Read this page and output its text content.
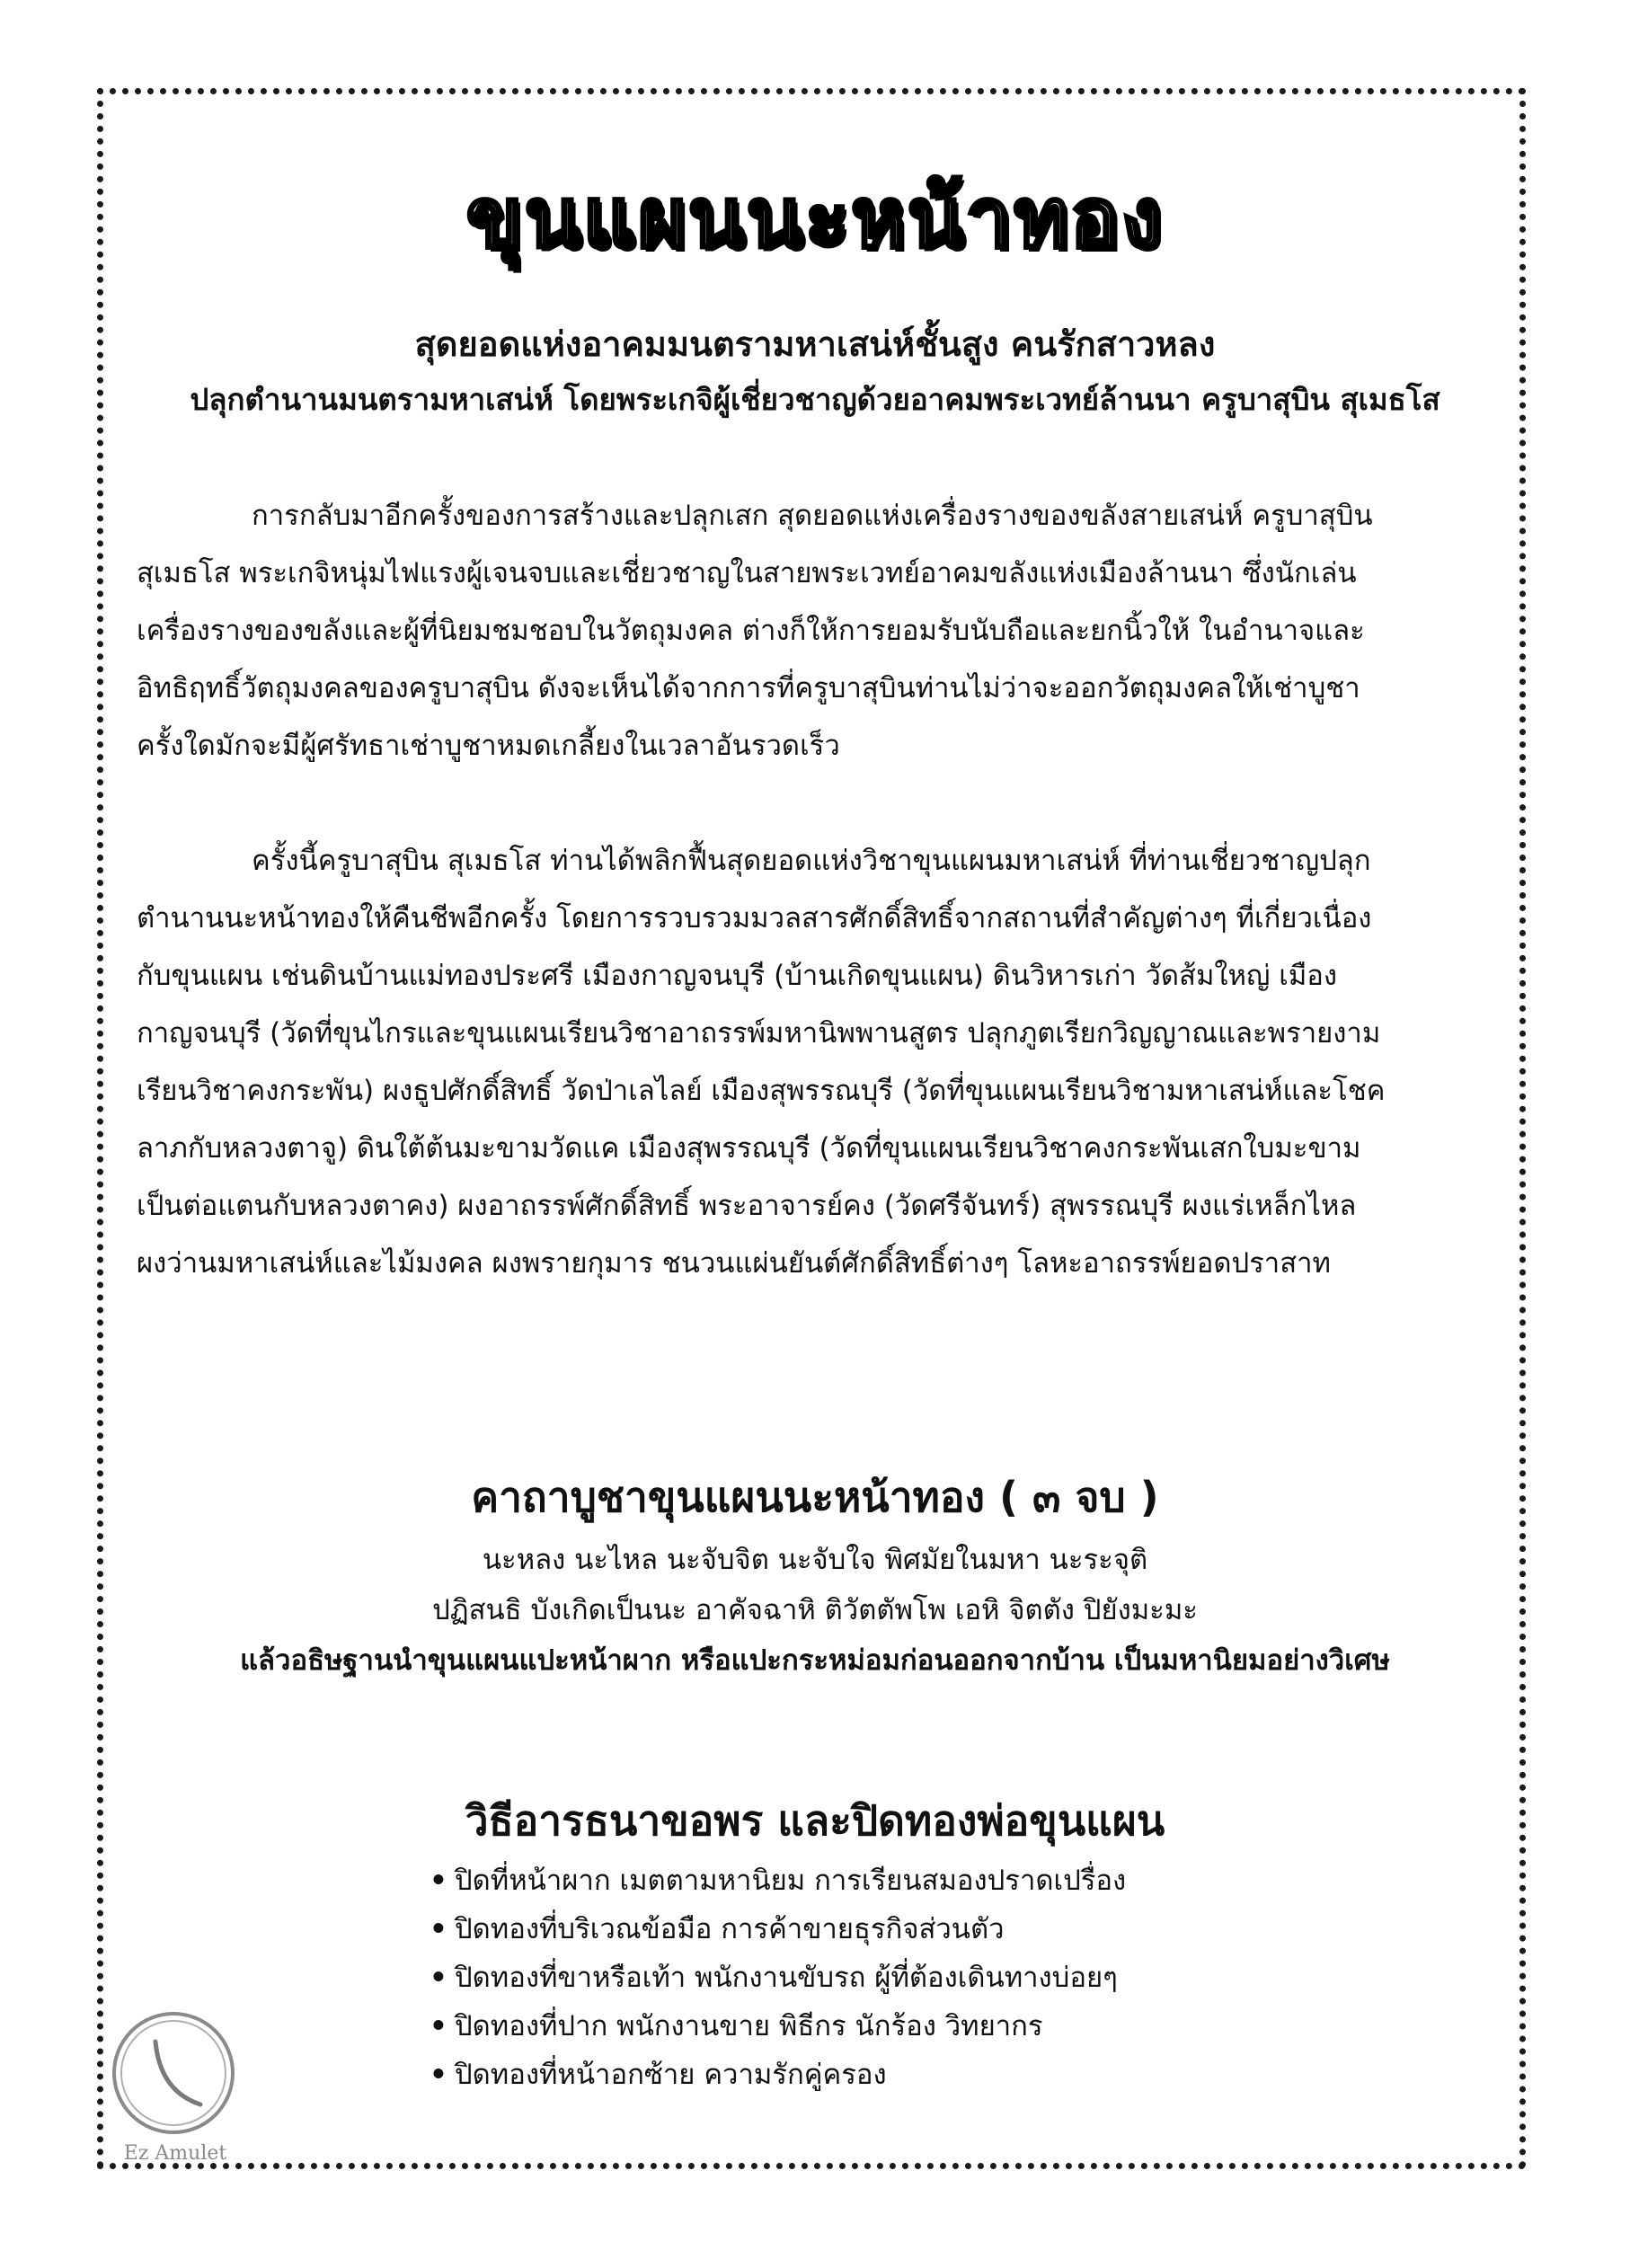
ขุนแผนนะหน้าทอง
สุดยอดแห่งอาคมมนตรามหาเสน่ห์ชั้นสูง คนรักสาวหลง
ปลุกตำนานมนตรามหาเสน่ห์ โดยพระเกจิผู้เชี่ยวชาญด้วยอาคมพระเวทย์ล้านนา ครูบาสุบิน สุเมธโส
การกลับมาอีกครั้งของการสร้างและปลุกเสก สุดยอดแห่งเครื่องรางของขลังสายเสน่ห์ ครูบาสุบิน
สุเมธโส พระเกจิหนุ่มไฟแรงผู้เจนจบและเชี่ยวชาญในสายพระเวทย์อาคมขลังแห่งเมืองล้านนา ซึ่งนักเล่น
เครื่องรางของขลังและผู้ที่นิยมชมชอบในวัตถุมงคล ต่างก็ให้การยอมรับนับถือและยกนิ้วให้ ในอำนาจและ
อิทธิฤทธิ์วัตถุมงคลของครูบาสุบิน ดังจะเห็นได้จากการที่ครูบาสุบินท่านไม่ว่าจะออกวัตถุมงคลให้เช่าบูชา
ครั้งใดมักจะมีผู้ศรัทธาเช่าบูชาหมดเกลี้ยงในเวลาอันรวดเร็ว
ครั้งนี้ครูบาสุบิน สุเมธโส ท่านได้พลิกฟื้นสุดยอดแห่งวิชาขุนแผนมหาเสน่ห์ ที่ท่านเชี่ยวชาญปลุก
ตำนานนะหน้าทองให้คืนชีพอีกครั้ง โดยการรวบรวมมวลสารศักดิ์สิทธิ์จากสถานที่สำคัญต่างๆ ที่เกี่ยวเนื่อง
กับขุนแผน เช่นดินบ้านแม่ทองประศรี เมืองกาญจนบุรี (บ้านเกิดขุนแผน) ดินวิหารเก่า วัดส้มใหญ่ เมือง
กาญจนบุรี (วัดที่ขุนไกรและขุนแผนเรียนวิชาอาถรรพ์มหานิพพานสูตร ปลุกภูตเรียกวิญญาณและพรายงาม
เรียนวิชาคงกระพัน) ผงธูปศักดิ์สิทธิ์ วัดป่าเลไลย์ เมืองสุพรรณบุรี (วัดที่ขุนแผนเรียนวิชามหาเสน่ห์และโชค
ลาภกับหลวงตาจู) ดินใต้ต้นมะขามวัดแค เมืองสุพรรณบุรี (วัดที่ขุนแผนเรียนวิชาคงกระพันเสกใบมะขาม
เป็นต่อแตนกับหลวงตาคง) ผงอาถรรพ์ศักดิ์สิทธิ์ พระอาจารย์คง (วัดศรีจันทร์) สุพรรณบุรี ผงแร่เหล็กไหล
ผงว่านมหาเสน่ห์และไม้มงคล ผงพรายกุมาร ชนวนแผ่นยันต์ศักดิ์สิทธิ์ต่างๆ โลหะอาถรรพ์ยอดปราสาท
คาถาบูชาขุนแผนนะหน้าทอง ( ๓ จบ )
นะหลง นะไหล นะจับจิต นะจับใจ พิศมัยในมหา นะระจุติ
ปฏิสนธิ บังเกิดเป็นนะ อาคัจฉาหิ ติวัตตัพโพ เอหิ จิตตัง ปิยังมะมะ
แล้วอธิษฐานนำขุนแผนแปะหน้าผาก หรือแปะกระหม่อมก่อนออกจากบ้าน เป็นมหานิยมอย่างวิเศษ
วิธีอารธนาขอพร และปิดทองพ่อขุนแผน
• ปิดที่หน้าผาก เมตตามหานิยม การเรียนสมองปราดเปรื่อง
• ปิดทองที่บริเวณข้อมือ การค้าขายธุรกิจส่วนตัว
• ปิดทองที่ขาหรือเท้า พนักงานขับรถ ผู้ที่ต้องเดินทางบ่อยๆ
• ปิดทองที่ปาก พนักงานขาย พิธีกร นักร้อง วิทยากร
• ปิดทองที่หน้าอกซ้าย ความรักคู่ครอง
Ez Amulet
